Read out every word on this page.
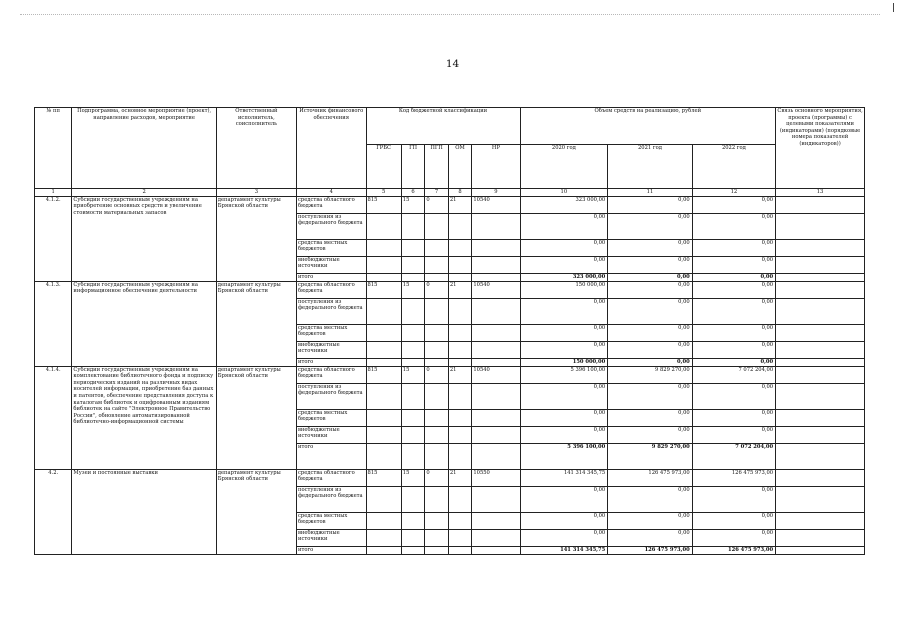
14
№ пп	Подпрограмма, основное мероприятие (проект), направление расходов, мероприятие	Ответственный исполнитель, соисполнитель	Источник финансового обеспечения	Код бюджетной классификации					Объем средств на реализацию, рублей			Связь основного мероприятия, проекта (программы) с целевыми показателями (индикаторами) (порядковые номера показателей (индикаторов))
				ГРБС	ГП	ПГП	ОМ	НР	2020 год	2021 год	2022 год	
1	2	3	4	5	6	7	8	9	10	11	12	13
4.1.2.	Субсидии государственным учреждениям на приобретение основных средств и увеличение стоимости материальных запасов	департамент культуры Брянской области	средства областного бюджета	815	15	0	21	10540	323 000,00	0,00	0,00	
			поступления из федерального бюджета						0,00	0,00	0,00	
			средства местных бюджетов						0,00	0,00	0,00	
			внебюджетные источники						0,00	0,00	0,00	
			итого						323 000,00	0,00	0,00	
4.1.3.	Субсидии государственным учреждениям на информационное обеспечение деятельности	департамент культуры Брянской области	средства областного бюджета	815	15	0	21	10540	150 000,00	0,00	0,00	
			поступления из федерального бюджета						0,00	0,00	0,00	
			средства местных бюджетов						0,00	0,00	0,00	
			внебюджетные источники						0,00	0,00	0,00	
			итого						150 000,00	0,00	0,00	
4.1.4.	Субсидии государственным учреждениям на комплектование библиотечного фонда и подписку периодических изданий на различных видах носителей информации, приобретение баз данных и патентов, обеспечение представления доступа к каталогам библиотек и оцифрованным изданиям библиотек на сайте "Электронное Правительство России", обновление автоматизированной библиотечно-информационной системы	департамент культуры Брянской области	средства областного бюджета	815	15	0	21	10540	5 396 100,00	9 829 270,00	7 072 204,00	
			поступления из федерального бюджета						0,00	0,00	0,00	
			средства местных бюджетов						0,00	0,00	0,00	
			внебюджетные источники						0,00	0,00	0,00	
			итого						5 396 100,00	9 829 270,00	7 072 204,00	
4.2.	Музеи и постоянные выставки	департамент культуры Брянской области	средства областного бюджета	815	15	0	21	10550	141 314 345,75	126 475 973,00	126 475 973,00	
			поступления из федерального бюджета						0,00	0,00	0,00	
			средства местных бюджетов						0,00	0,00	0,00	
			внебюджетные источники						0,00	0,00	0,00	
			итого						141 314 345,75	126 475 973,00	126 475 973,00	
